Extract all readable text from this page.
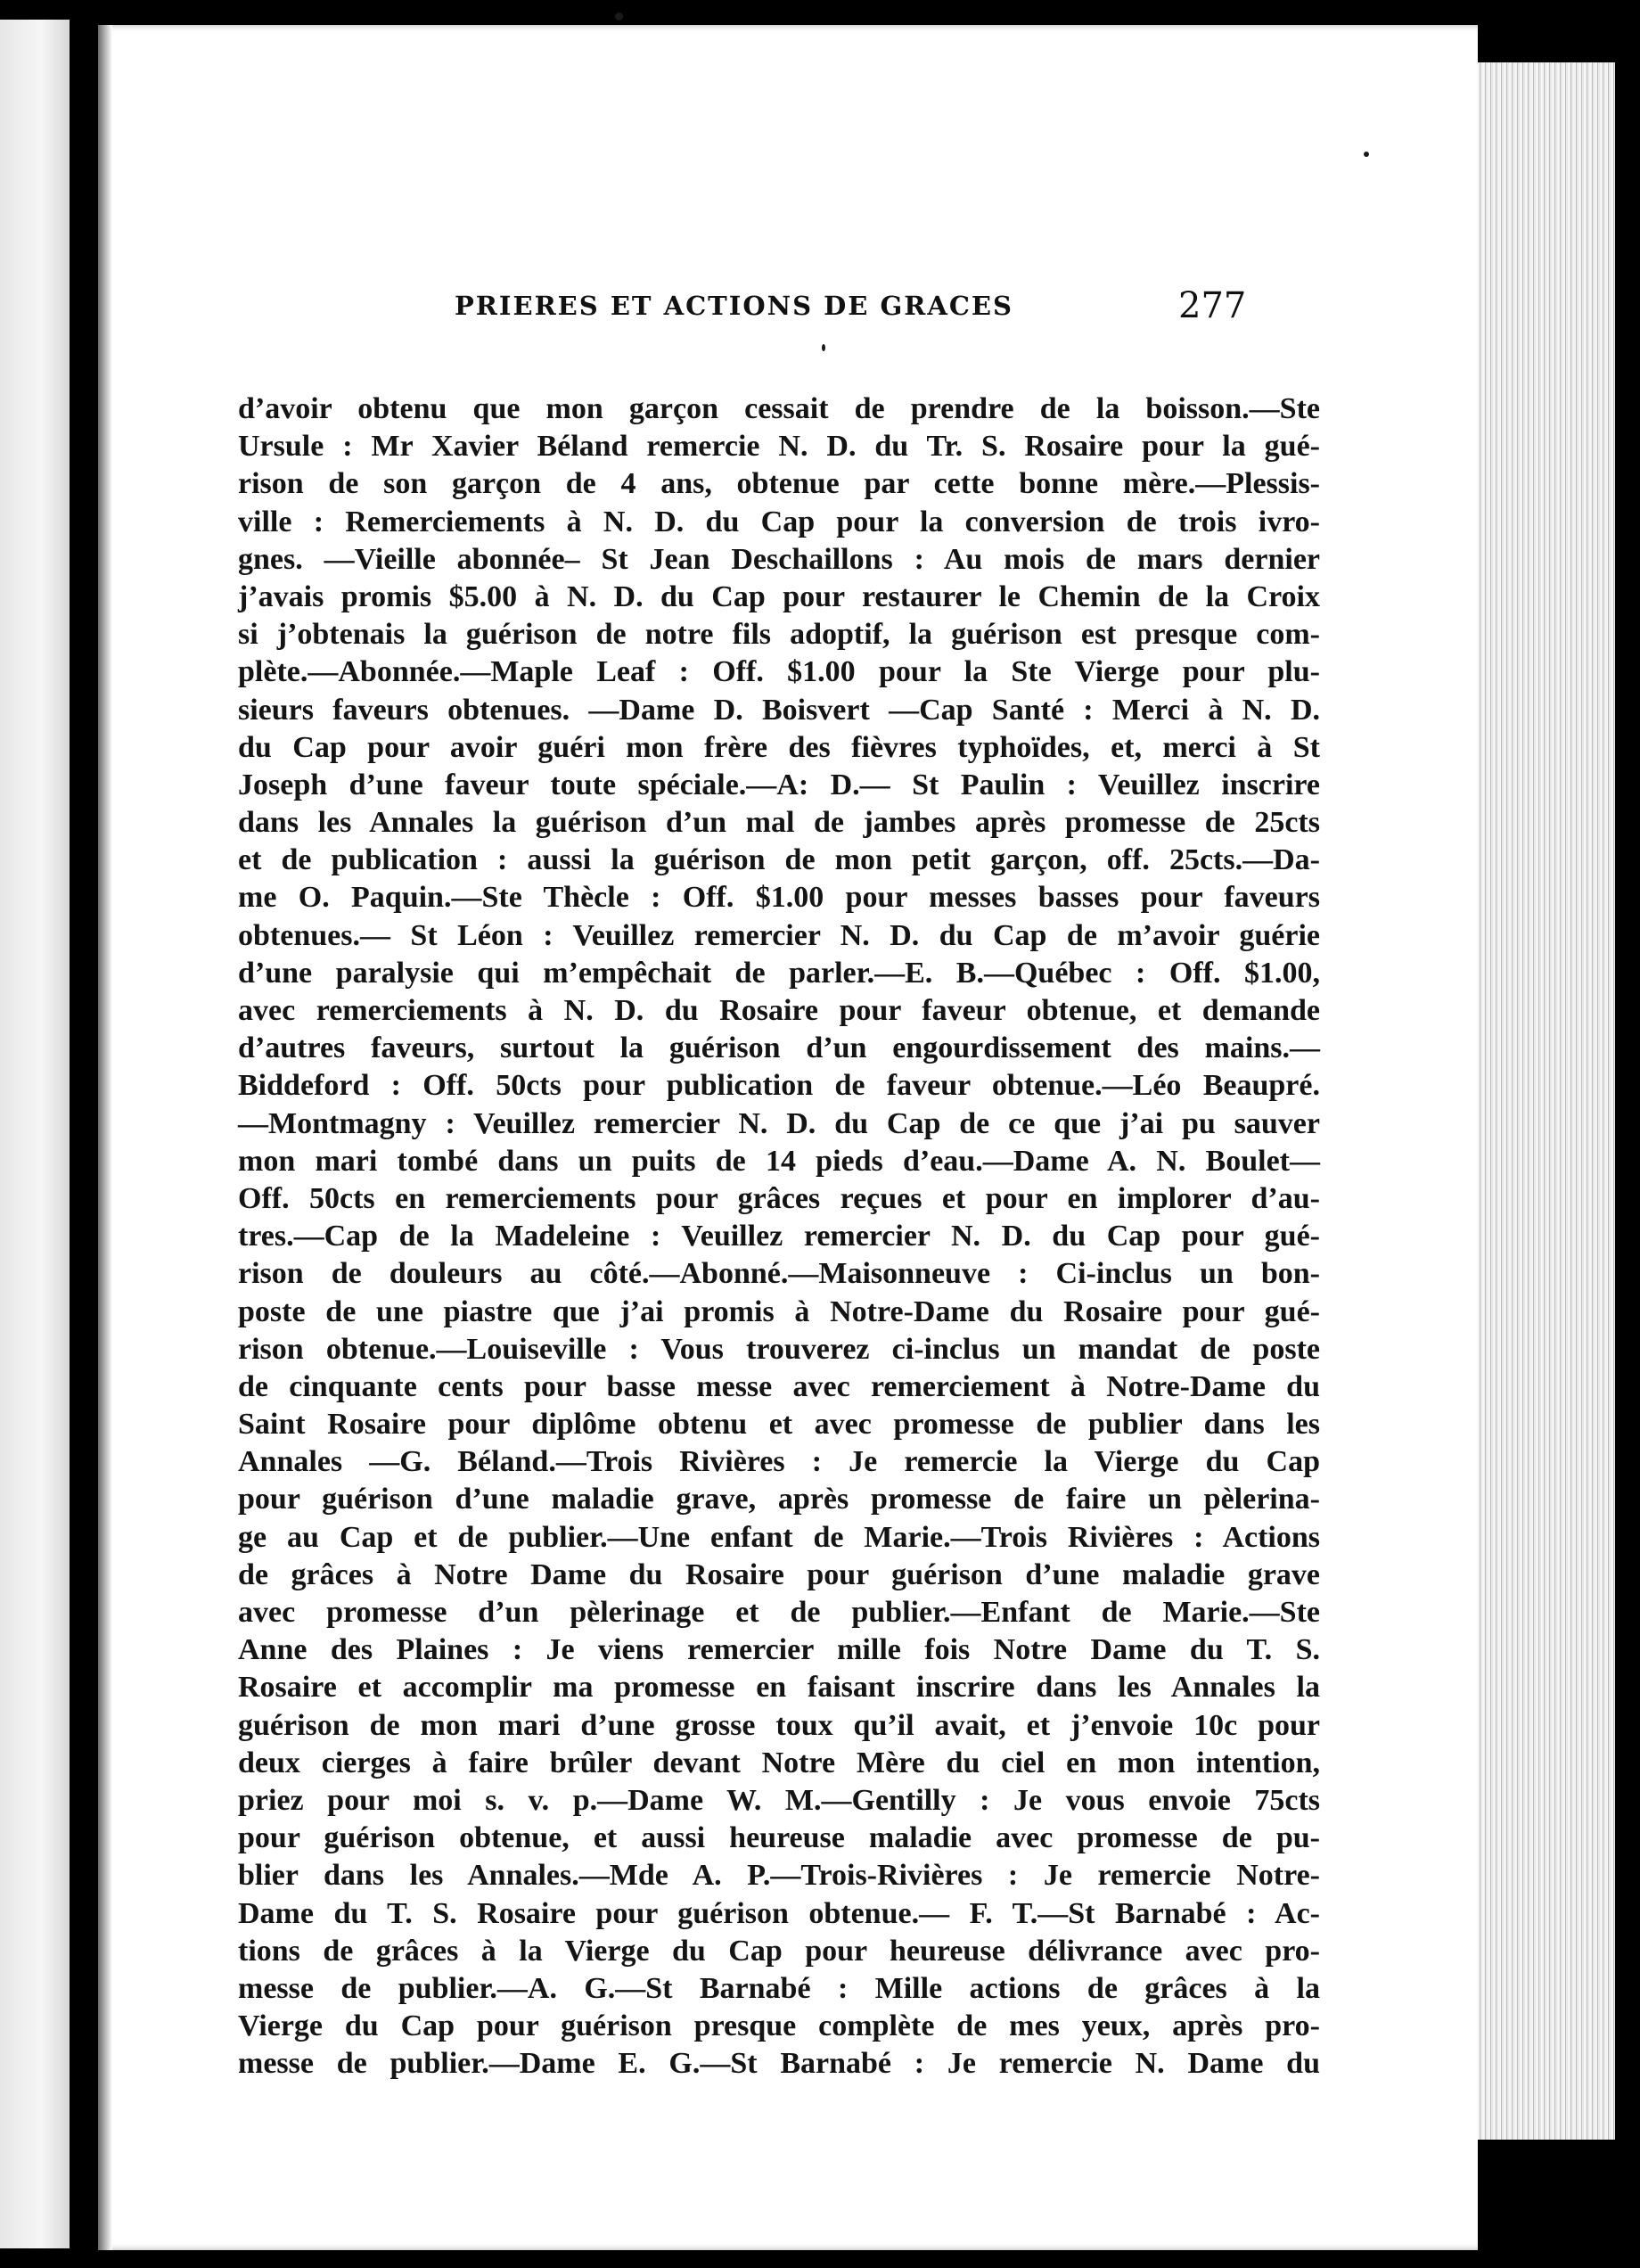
PRIERES ET ACTIONS DE GRACES	277
d’avoir obtenu que mon garçon cessait de prendre de la boisson.—Ste
Ursule : Mr Xavier Béland remercie N. D. du Tr. S. Rosaire pour la gué-
rison de son garçon de 4 ans, obtenue par cette bonne mère.—Plessis-
ville : Remerciements à N. D. du Cap pour la conversion de trois ivro-
gnes. —Vieille abonnée– St Jean Deschaillons : Au mois de mars dernier
j’avais promis $5.00 à N. D. du Cap pour restaurer le Chemin de la Croix
si j’obtenais la guérison de notre fils adoptif, la guérison est presque com-
plète.—Abonnée.—Maple Leaf : Off. $1.00 pour la Ste Vierge pour plu-
sieurs faveurs obtenues. —Dame D. Boisvert —Cap Santé : Merci à N. D.
du Cap pour avoir guéri mon frère des fièvres typhoïdes, et, merci à St
Joseph d’une faveur toute spéciale.—A: D.— St Paulin : Veuillez inscrire
dans les Annales la guérison d’un mal de jambes après promesse de 25cts
et de publication : aussi la guérison de mon petit garçon, off. 25cts.—Da-
me O. Paquin.—Ste Thècle : Off. $1.00 pour messes basses pour faveurs
obtenues.— St Léon : Veuillez remercier N. D. du Cap de m’avoir guérie
d’une paralysie qui m’empêchait de parler.—E. B.—Québec : Off. $1.00,
avec remerciements à N. D. du Rosaire pour faveur obtenue, et demande
d’autres faveurs, surtout la guérison d’un engourdissement des mains.—
Biddeford : Off. 50cts pour publication de faveur obtenue.—Léo Beaupré.
—Montmagny : Veuillez remercier N. D. du Cap de ce que j’ai pu sauver
mon mari tombé dans un puits de 14 pieds d’eau.—Dame A. N. Boulet—
Off. 50cts en remerciements pour grâces reçues et pour en implorer d’au-
tres.—Cap de la Madeleine : Veuillez remercier N. D. du Cap pour gué-
rison de douleurs au côté.—Abonné.—Maisonneuve : Ci-inclus un bon-
poste de une piastre que j’ai promis à Notre-Dame du Rosaire pour gué-
rison obtenue.—Louiseville : Vous trouverez ci-inclus un mandat de poste
de cinquante cents pour basse messe avec remerciement à Notre-Dame du
Saint Rosaire pour diplôme obtenu et avec promesse de publier dans les
Annales —G. Béland.—Trois Rivières : Je remercie la Vierge du Cap
pour guérison d’une maladie grave, après promesse de faire un pèlerina-
ge au Cap et de publier.—Une enfant de Marie.—Trois Rivières : Actions
de grâces à Notre Dame du Rosaire pour guérison d’une maladie grave
avec promesse d’un pèlerinage et de publier.—Enfant de Marie.—Ste
Anne des Plaines : Je viens remercier mille fois Notre Dame du T. S.
Rosaire et accomplir ma promesse en faisant inscrire dans les Annales la
guérison de mon mari d’une grosse toux qu’il avait, et j’envoie 10c pour
deux cierges à faire brûler devant Notre Mère du ciel en mon intention,
priez pour moi s. v. p.—Dame W. M.—Gentilly : Je vous envoie 75cts
pour guérison obtenue, et aussi heureuse maladie avec promesse de pu-
blier dans les Annales.—Mde A. P.—Trois-Rivières : Je remercie Notre-
Dame du T. S. Rosaire pour guérison obtenue.— F. T.—St Barnabé : Ac-
tions de grâces à la Vierge du Cap pour heureuse délivrance avec pro-
messe de publier.—A. G.—St Barnabé : Mille actions de grâces à la
Vierge du Cap pour guérison presque complète de mes yeux, après pro-
messe de publier.—Dame E. G.—St Barnabé : Je remercie N. Dame du
